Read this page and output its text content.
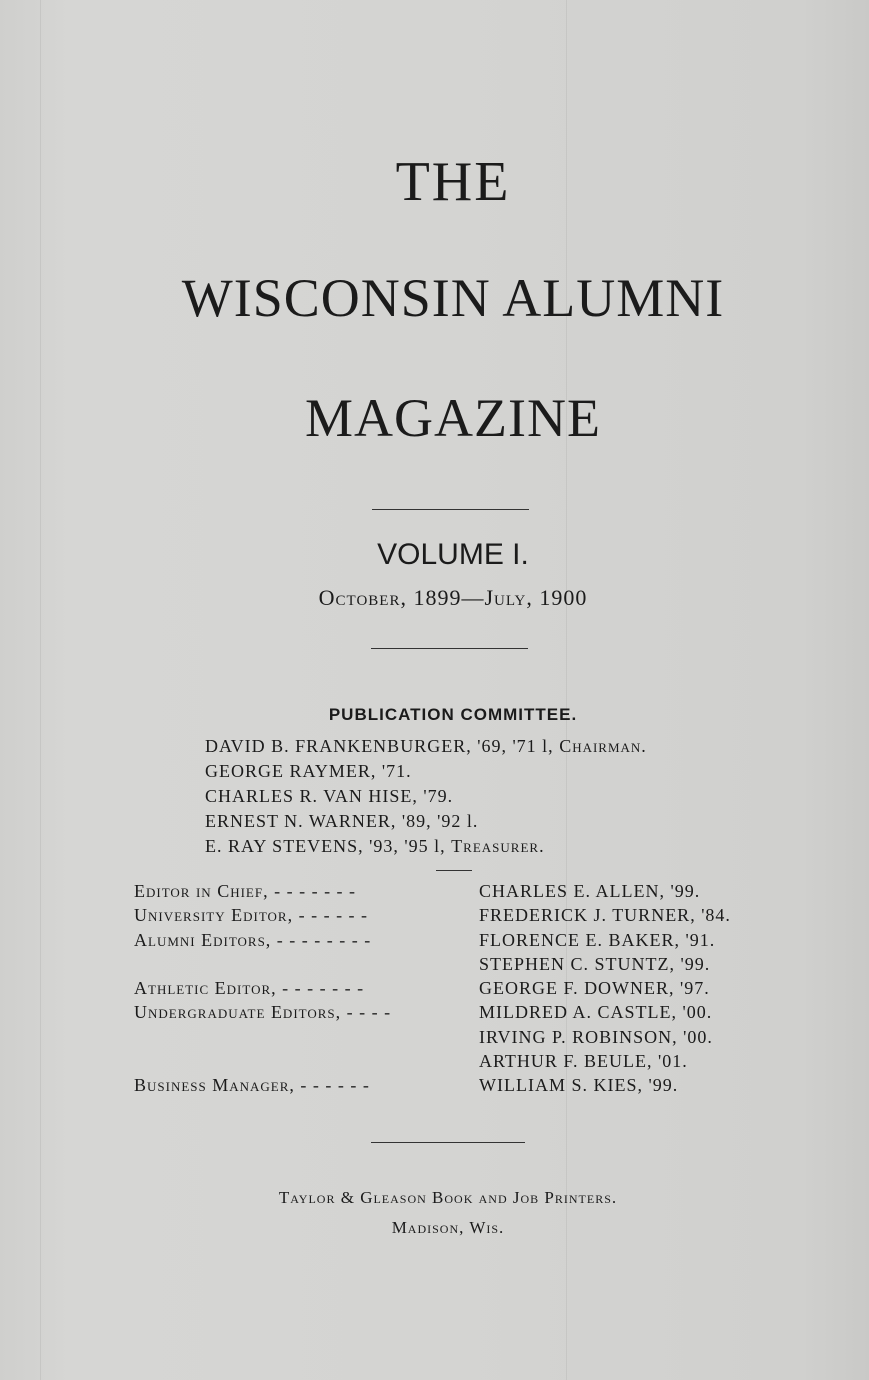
THE
WISCONSIN ALUMNI
MAGAZINE
VOLUME I.
October, 1899—July, 1900
PUBLICATION COMMITTEE.
DAVID B. FRANKENBURGER, '69, '71 l, Chairman.
GEORGE RAYMER, '71.
CHARLES R. VAN HISE, '79.
ERNEST N. WARNER, '89, '92 l.
E. RAY STEVENS, '93, '95 l, Treasurer.
Editor in Chief, - - - - - - -	CHARLES E. ALLEN, '99.
University Editor, - - - - - -	FREDERICK J. TURNER, '84.
Alumni Editors, - - - - - - - -	FLORENCE E. BAKER, '91.
STEPHEN C. STUNTZ, '99.
Athletic Editor, - - - - - - -	GEORGE F. DOWNER, '97.
Undergraduate Editors, - - - -	MILDRED A. CASTLE, '00.
IRVING P. ROBINSON, '00.
ARTHUR F. BEULE, '01.
Business Manager, - - - - - -	WILLIAM S. KIES, '99.
Taylor & Gleason Book and Job Printers.
Madison, Wis.
